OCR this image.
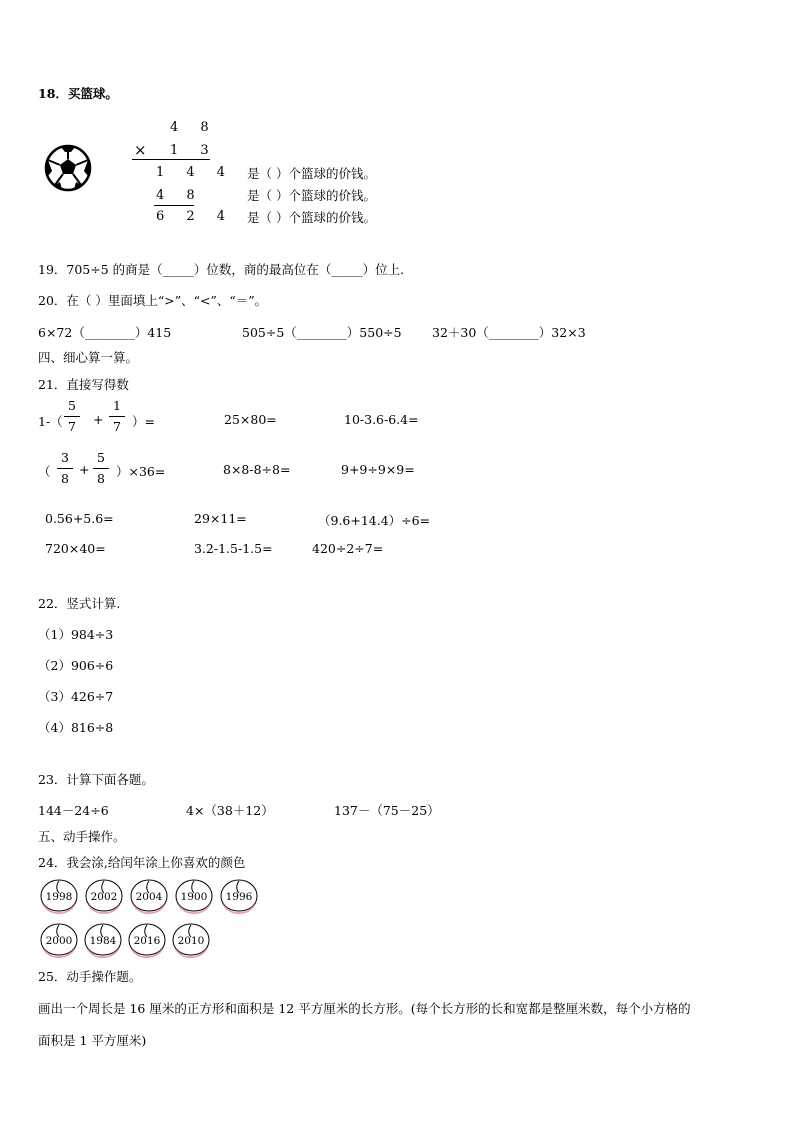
18．买篮球。
4 8
× 1 3
1 4 4
4 8
6 2 4
是（ ）个篮球的价钱。
是（ ）个篮球的价钱。
是（ ）个篮球的价钱。
19．705÷5 的商是（_____）位数，商的最高位在（_____）位上.
20．在（ ）里面填上“>”、“<”、“＝”。
6×72（________）415	505÷5（________）550÷5 32＋30（________）32×3
四、细心算一算。
21．直接写得数
1-（
5
7	+
1
7 ）=	25×80=	10-3.6-6.4=
（
3
8
+
5
8 ）×36=	8×8-8÷8=	9+9÷9×9=
0.56+5.6=	29×11=	（9.6+14.4）÷6=
720×40=	3.2-1.5-1.5=	420÷2÷7=
22．竖式计算.
（1）984÷3
（2）906÷6
（3）426÷7
（4）816÷8
23．计算下面各题。
144－24÷6	4×（38＋12）	137－（75－25）
五、动手操作。
24．我会涂,给闰年涂上你喜欢的颜色
1998	2002	2004	1900	1996
2000	1984	2016	2010
25．动手操作题。
画出一个周长是 16 厘米的正方形和面积是 12 平方厘米的长方形。(每个长方形的长和宽都是整厘米数，每个小方格的
面积是 1 平方厘米)
